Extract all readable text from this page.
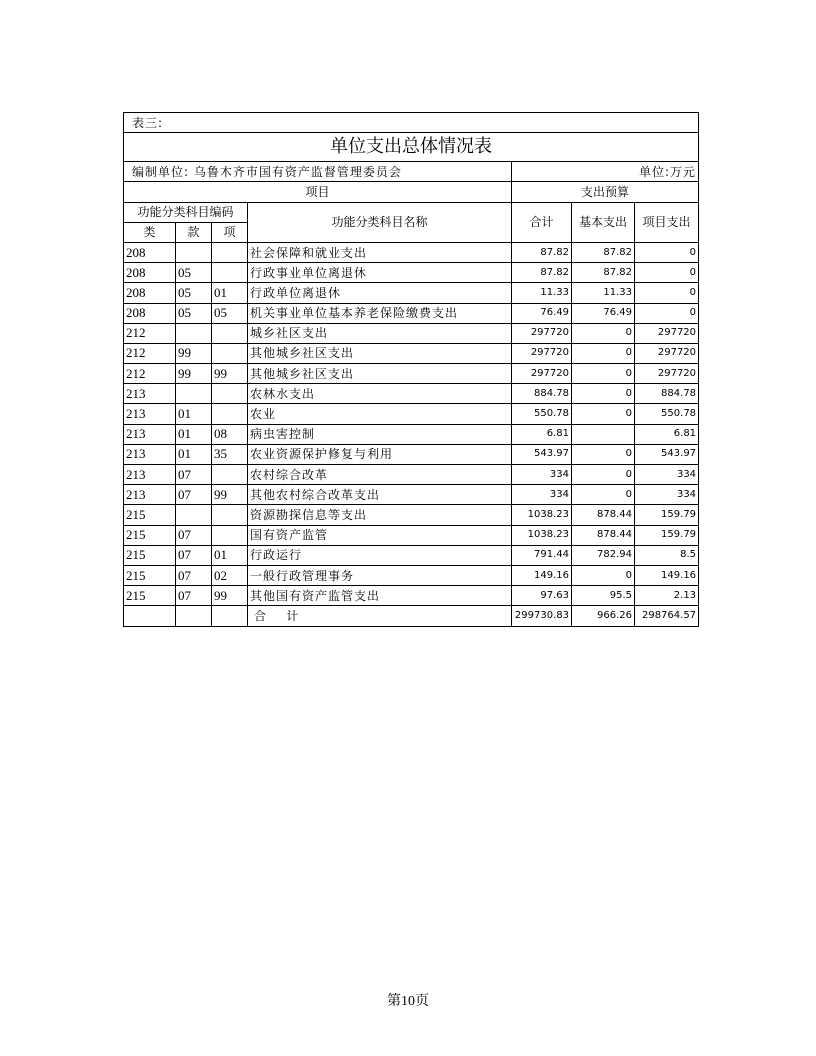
表三:						
单位支出总体情况表						
编制单位: 乌鲁木齐市国有资产监督管理委员会				单位:万元		
项目				支出预算		
功能分类科目编码			功能分类科目名称	合计	基本支出	项目支出
类	款	项				
208			社会保障和就业支出	87.82	87.82	0
208	05		行政事业单位离退休	87.82	87.82	0
208	05	01	行政单位离退休	11.33	11.33	0
208	05	05	机关事业单位基本养老保险缴费支出	76.49	76.49	0
212			城乡社区支出	297720	0	297720
212	99		其他城乡社区支出	297720	0	297720
212	99	99	其他城乡社区支出	297720	0	297720
213			农林水支出	884.78	0	884.78
213	01		农业	550.78	0	550.78
213	01	08	病虫害控制	6.81		6.81
213	01	35	农业资源保护修复与利用	543.97	0	543.97
213	07		农村综合改革	334	0	334
213	07	99	其他农村综合改革支出	334	0	334
215			资源勘探信息等支出	1038.23	878.44	159.79
215	07		国有资产监管	1038.23	878.44	159.79
215	07	01	行政运行	791.44	782.94	8.5
215	07	02	一般行政管理事务	149.16	0	149.16
215	07	99	其他国有资产监管支出	97.63	95.5	2.13
			合    计	299730.83	966.26	298764.57
第10页
